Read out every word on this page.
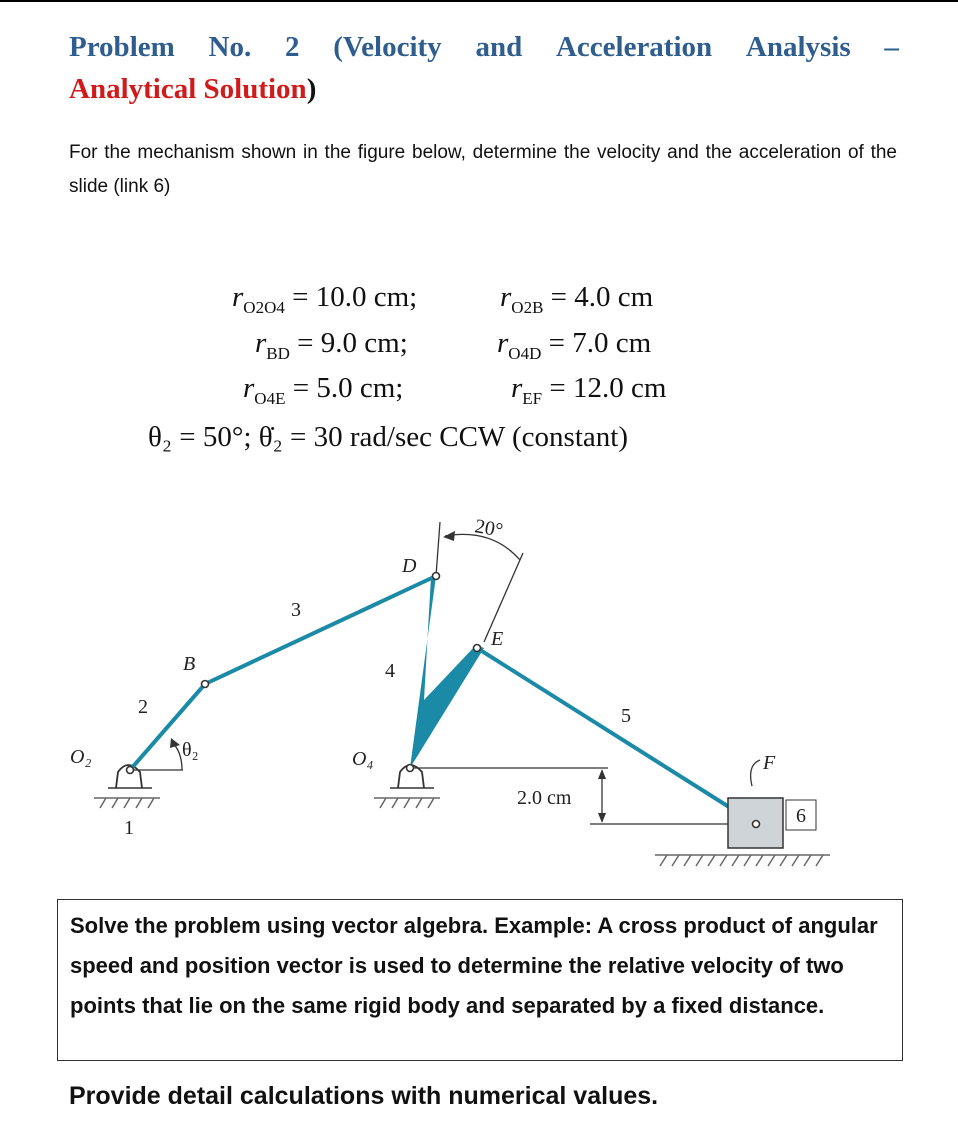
Problem No. 2 (Velocity and Acceleration Analysis –
Analytical Solution)
For the mechanism shown in the figure below, determine the velocity and the acceleration of the slide (link 6)
$r_{O2O4} = 10.0$ cm;
$r_{BD} = 9.0$ cm;
$r_{O4E} = 5.0$ cm;
$r_{O2B} = 4.0$ cm
$r_{O4D} = 7.0$ cm
$r_{EF} = 12.0$ cm
θ₂ = 50°; θ̇₂ = 30 rad/sec CCW (constant)
O₂	O₄
B
D
E
F
θ₂
20°
2.0 cm
1
2
3
4
5
6
Solve the problem using vector algebra. Example: A cross product of angular speed and position vector is used to determine the relative velocity of two points that lie on the same rigid body and separated by a fixed distance.
Provide detail calculations with numerical values.
